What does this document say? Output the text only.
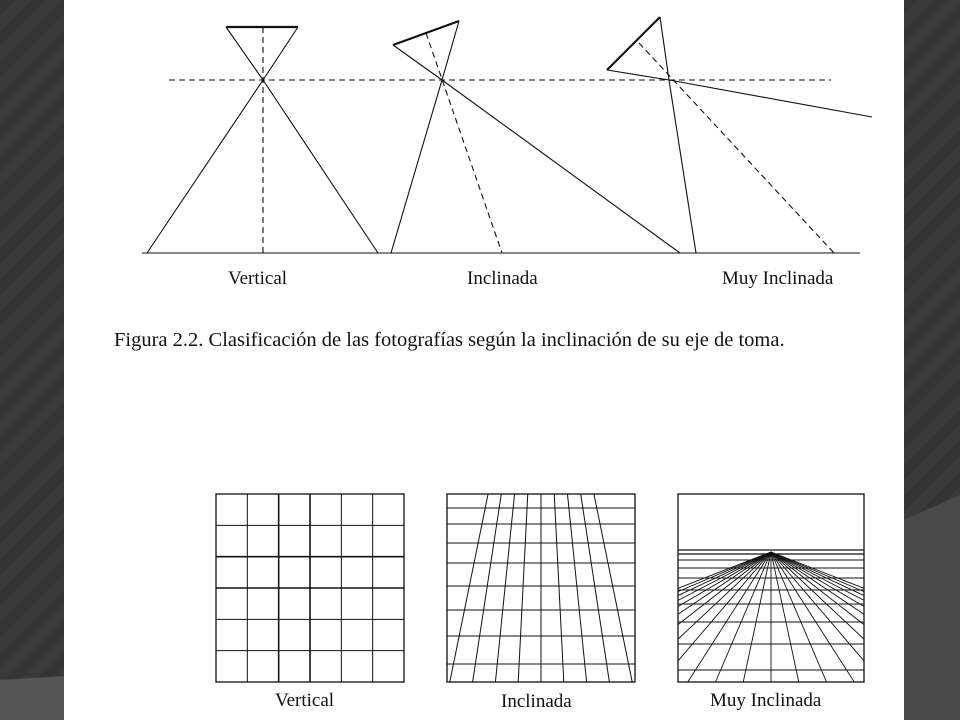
Vertical	Inclinada	Muy Inclinada
Figura 2.2. Clasificación de las fotografías según la inclinación de su eje de toma.
Vertical	Inclinada	Muy Inclinada
